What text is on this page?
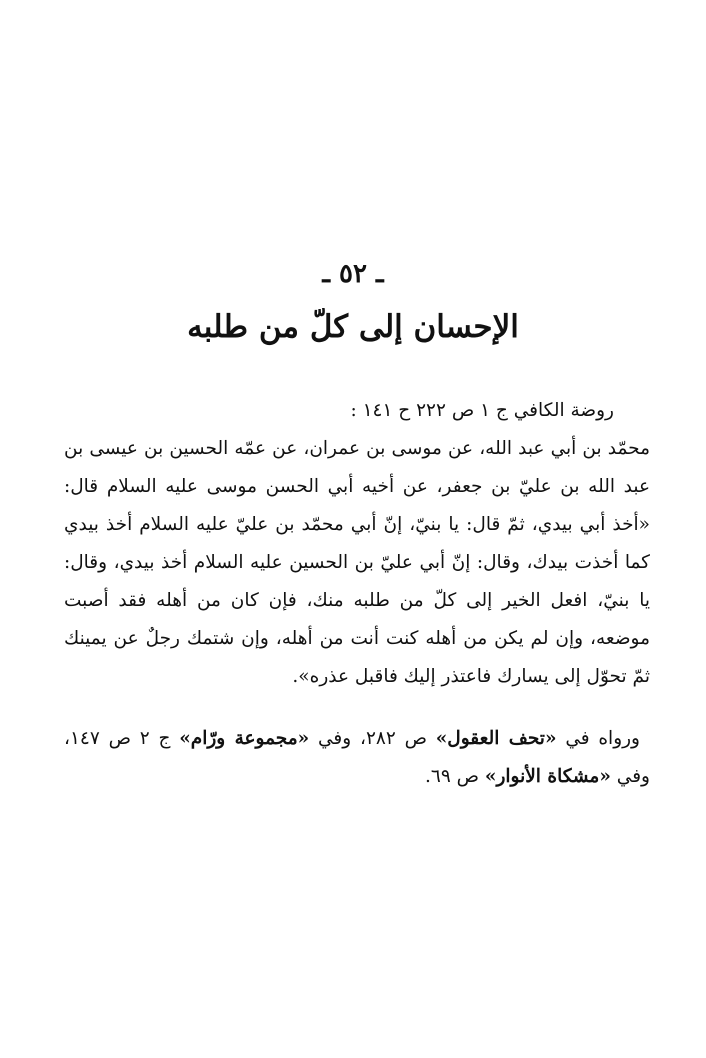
ـ ٥٢ ـ
الإحسان إلى كلّ من طلبه
روضة الكافي ج ١ ص ٢٢٢ ح ١٤١ :
محمّد بن أبي عبد الله، عن موسى بن عمران، عن عمّه الحسين بن عيسى بن عبد الله بن عليّ بن جعفر، عن أخيه أبي الحسن موسى عليه السلام قال: «أخذ أبي بيدي، ثمّ قال: يا بنيّ، إنّ أبي محمّد بن عليّ عليه السلام أخذ بيدي كما أخذت بيدك، وقال: إنّ أبي عليّ بن الحسين عليه السلام أخذ بيدي، وقال: يا بنيّ، افعل الخير إلى كلّ من طلبه منك، فإن كان من أهله فقد أصبت موضعه، وإن لم يكن من أهله كنت أنت من أهله، وإن شتمك رجلٌ عن يمينك ثمّ تحوّل إلى يسارك فاعتذر إليك فاقبل عذره».
ورواه في «تحف العقول» ص ٢٨٢، وفي «مجموعة ورّام» ج ٢ ص ١٤٧، وفي «مشكاة الأنوار» ص ٦٩.
